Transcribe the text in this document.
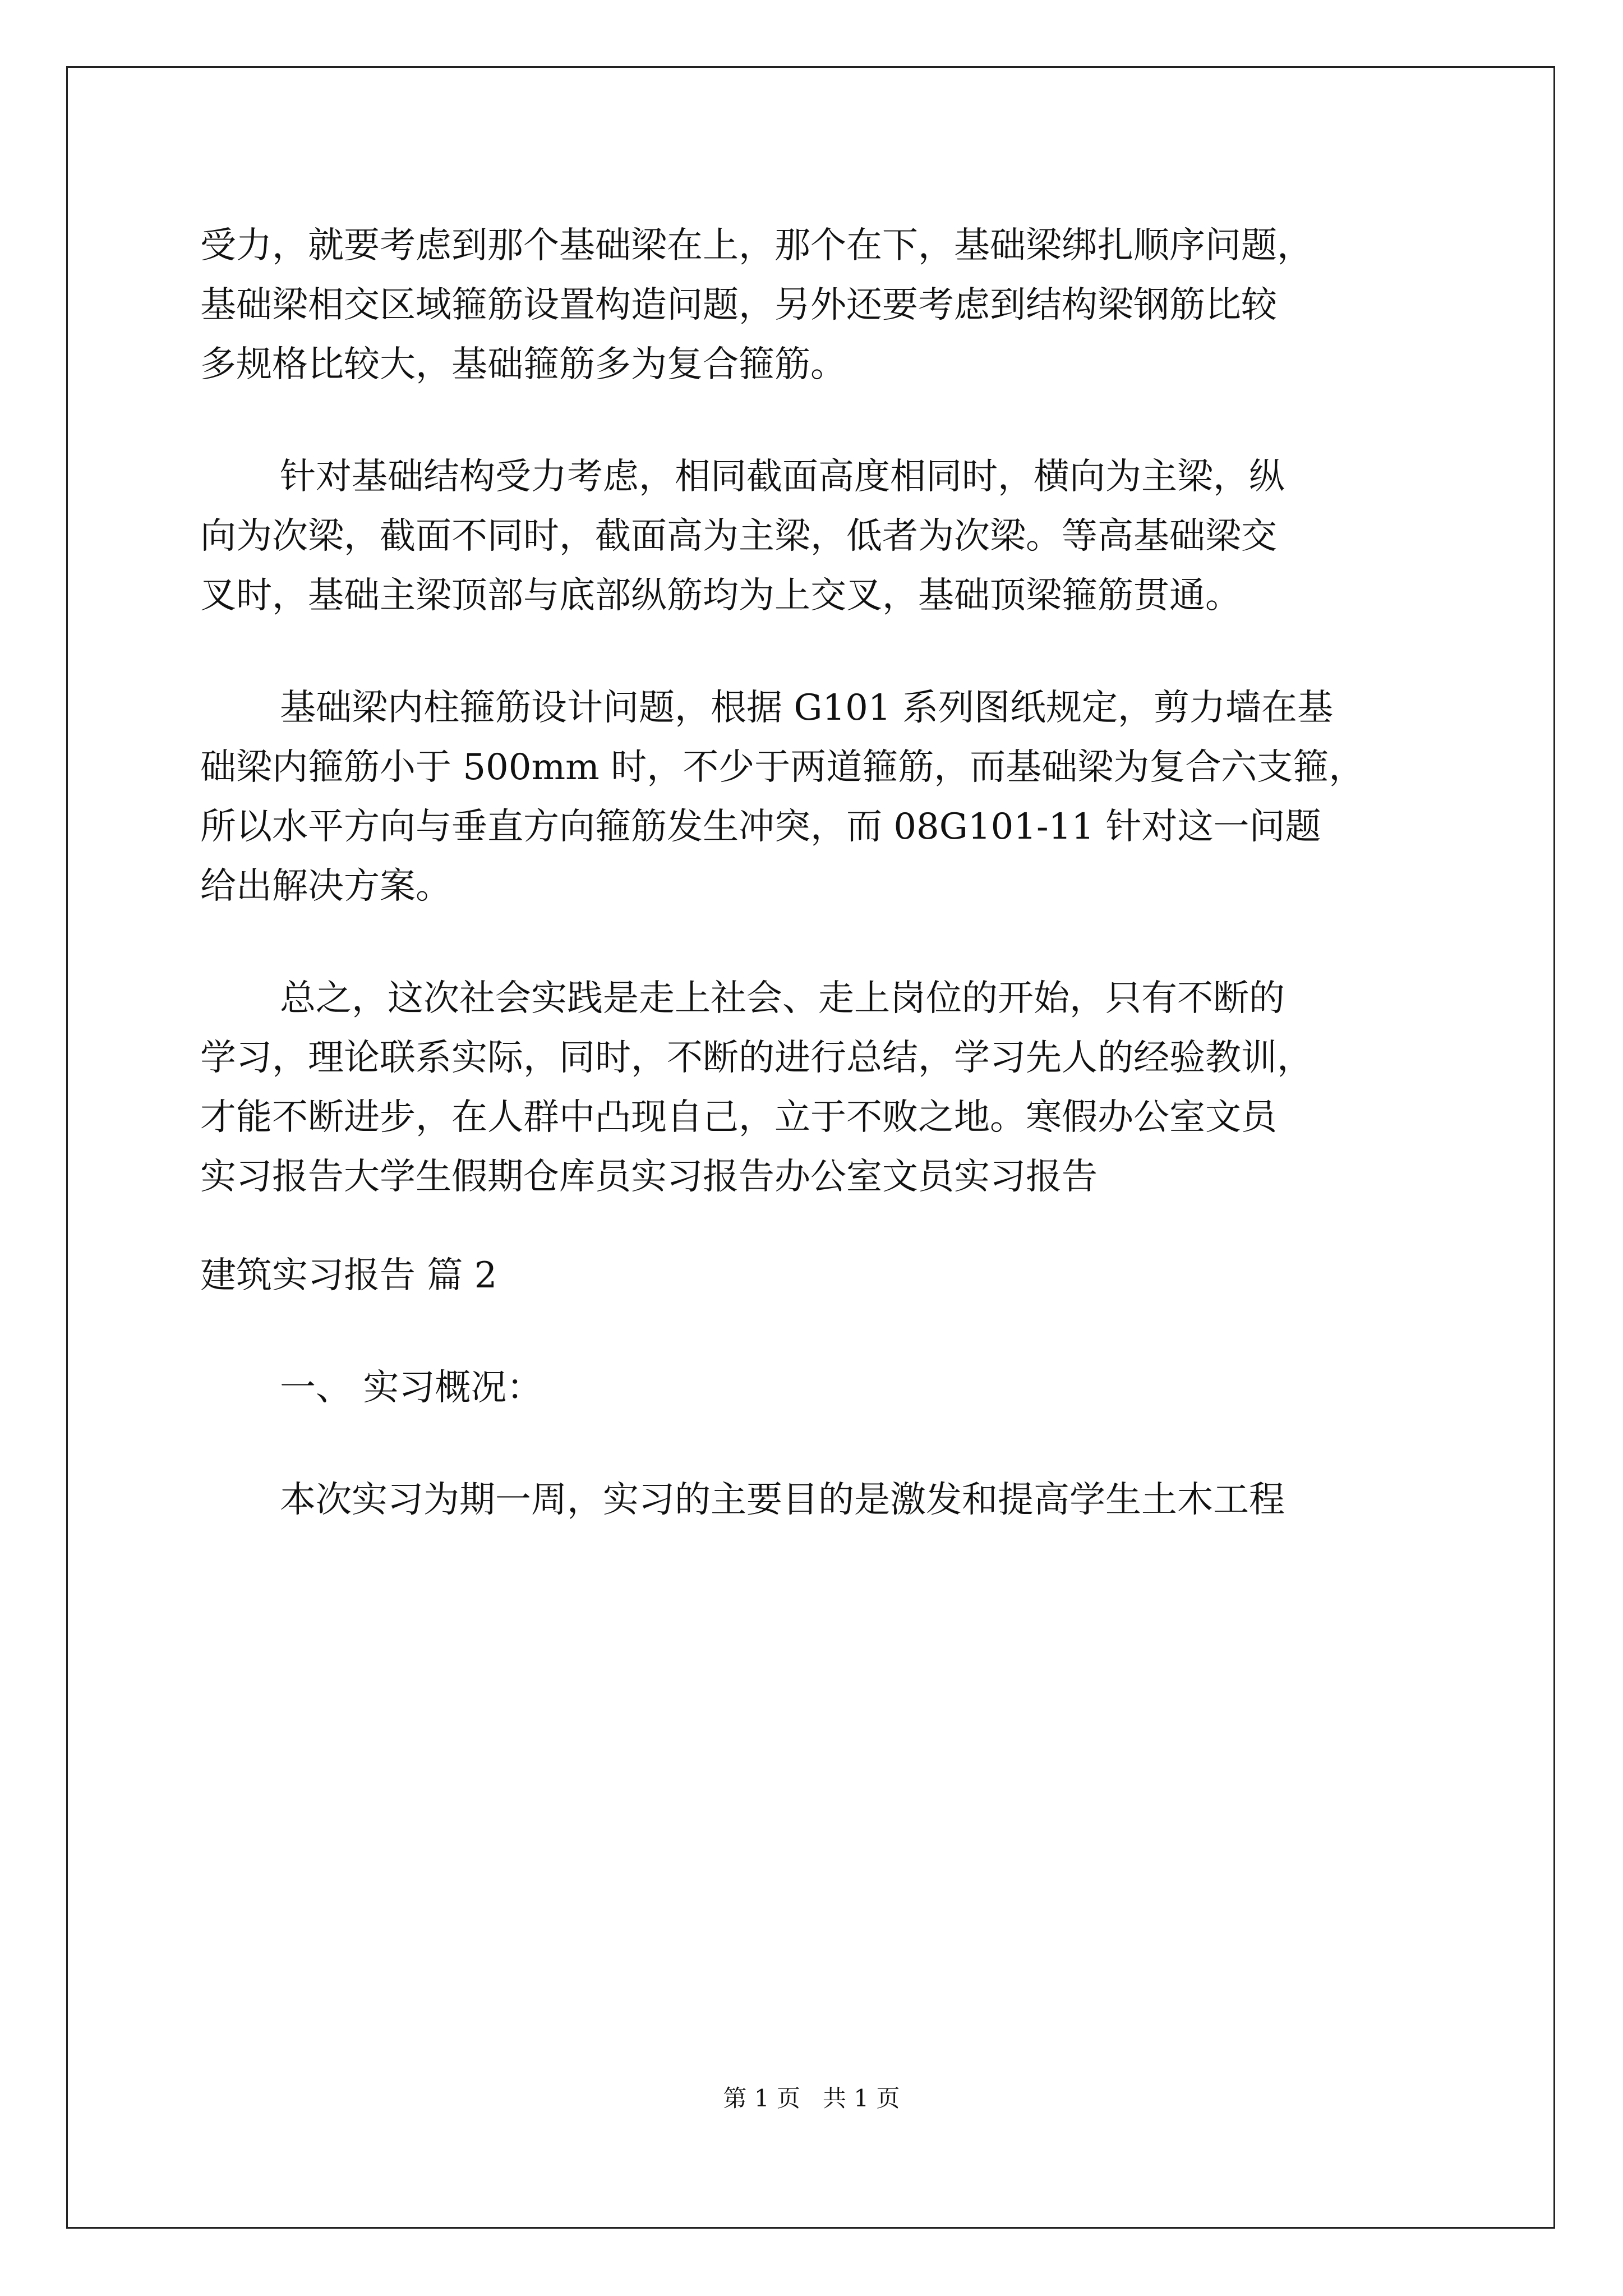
受力，就要考虑到那个基础梁在上，那个在下，基础梁绑扎顺序问题，
基础梁相交区域箍筋设置构造问题，另外还要考虑到结构梁钢筋比较
多规格比较大，基础箍筋多为复合箍筋。
针对基础结构受力考虑，相同截面高度相同时，横向为主梁，纵
向为次梁，截面不同时，截面高为主梁，低者为次梁。等高基础梁交
叉时，基础主梁顶部与底部纵筋均为上交叉，基础顶梁箍筋贯通。
基础梁内柱箍筋设计问题，根据 G101 系列图纸规定，剪力墙在基
础梁内箍筋小于 500mm 时，不少于两道箍筋，而基础梁为复合六支箍，
所以水平方向与垂直方向箍筋发生冲突，而 08G101-11 针对这一问题
给出解决方案。
总之，这次社会实践是走上社会、走上岗位的开始，只有不断的
学习，理论联系实际，同时，不断的进行总结，学习先人的经验教训，
才能不断进步，在人群中凸现自己，立于不败之地。寒假办公室文员
实习报告大学生假期仓库员实习报告办公室文员实习报告
建筑实习报告 篇 2
一、 实习概况：
本次实习为期一周，实习的主要目的是激发和提高学生土木工程
第 1 页   共 1 页
